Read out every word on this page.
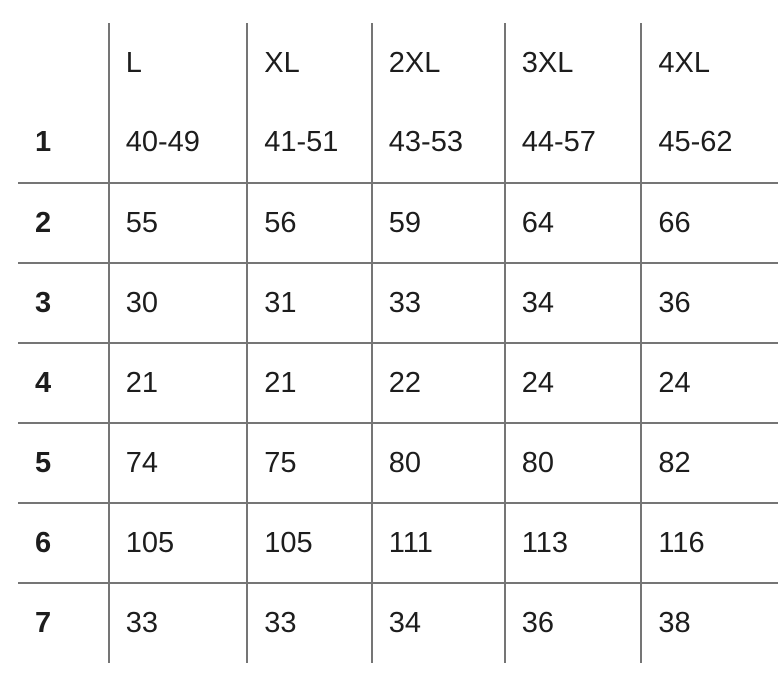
	L	XL	2XL	3XL	4XL
1	40-49	41-51	43-53	44-57	45-62
2	55	56	59	64	66
3	30	31	33	34	36
4	21	21	22	24	24
5	74	75	80	80	82
6	105	105	111	113	116
7	33	33	34	36	38
